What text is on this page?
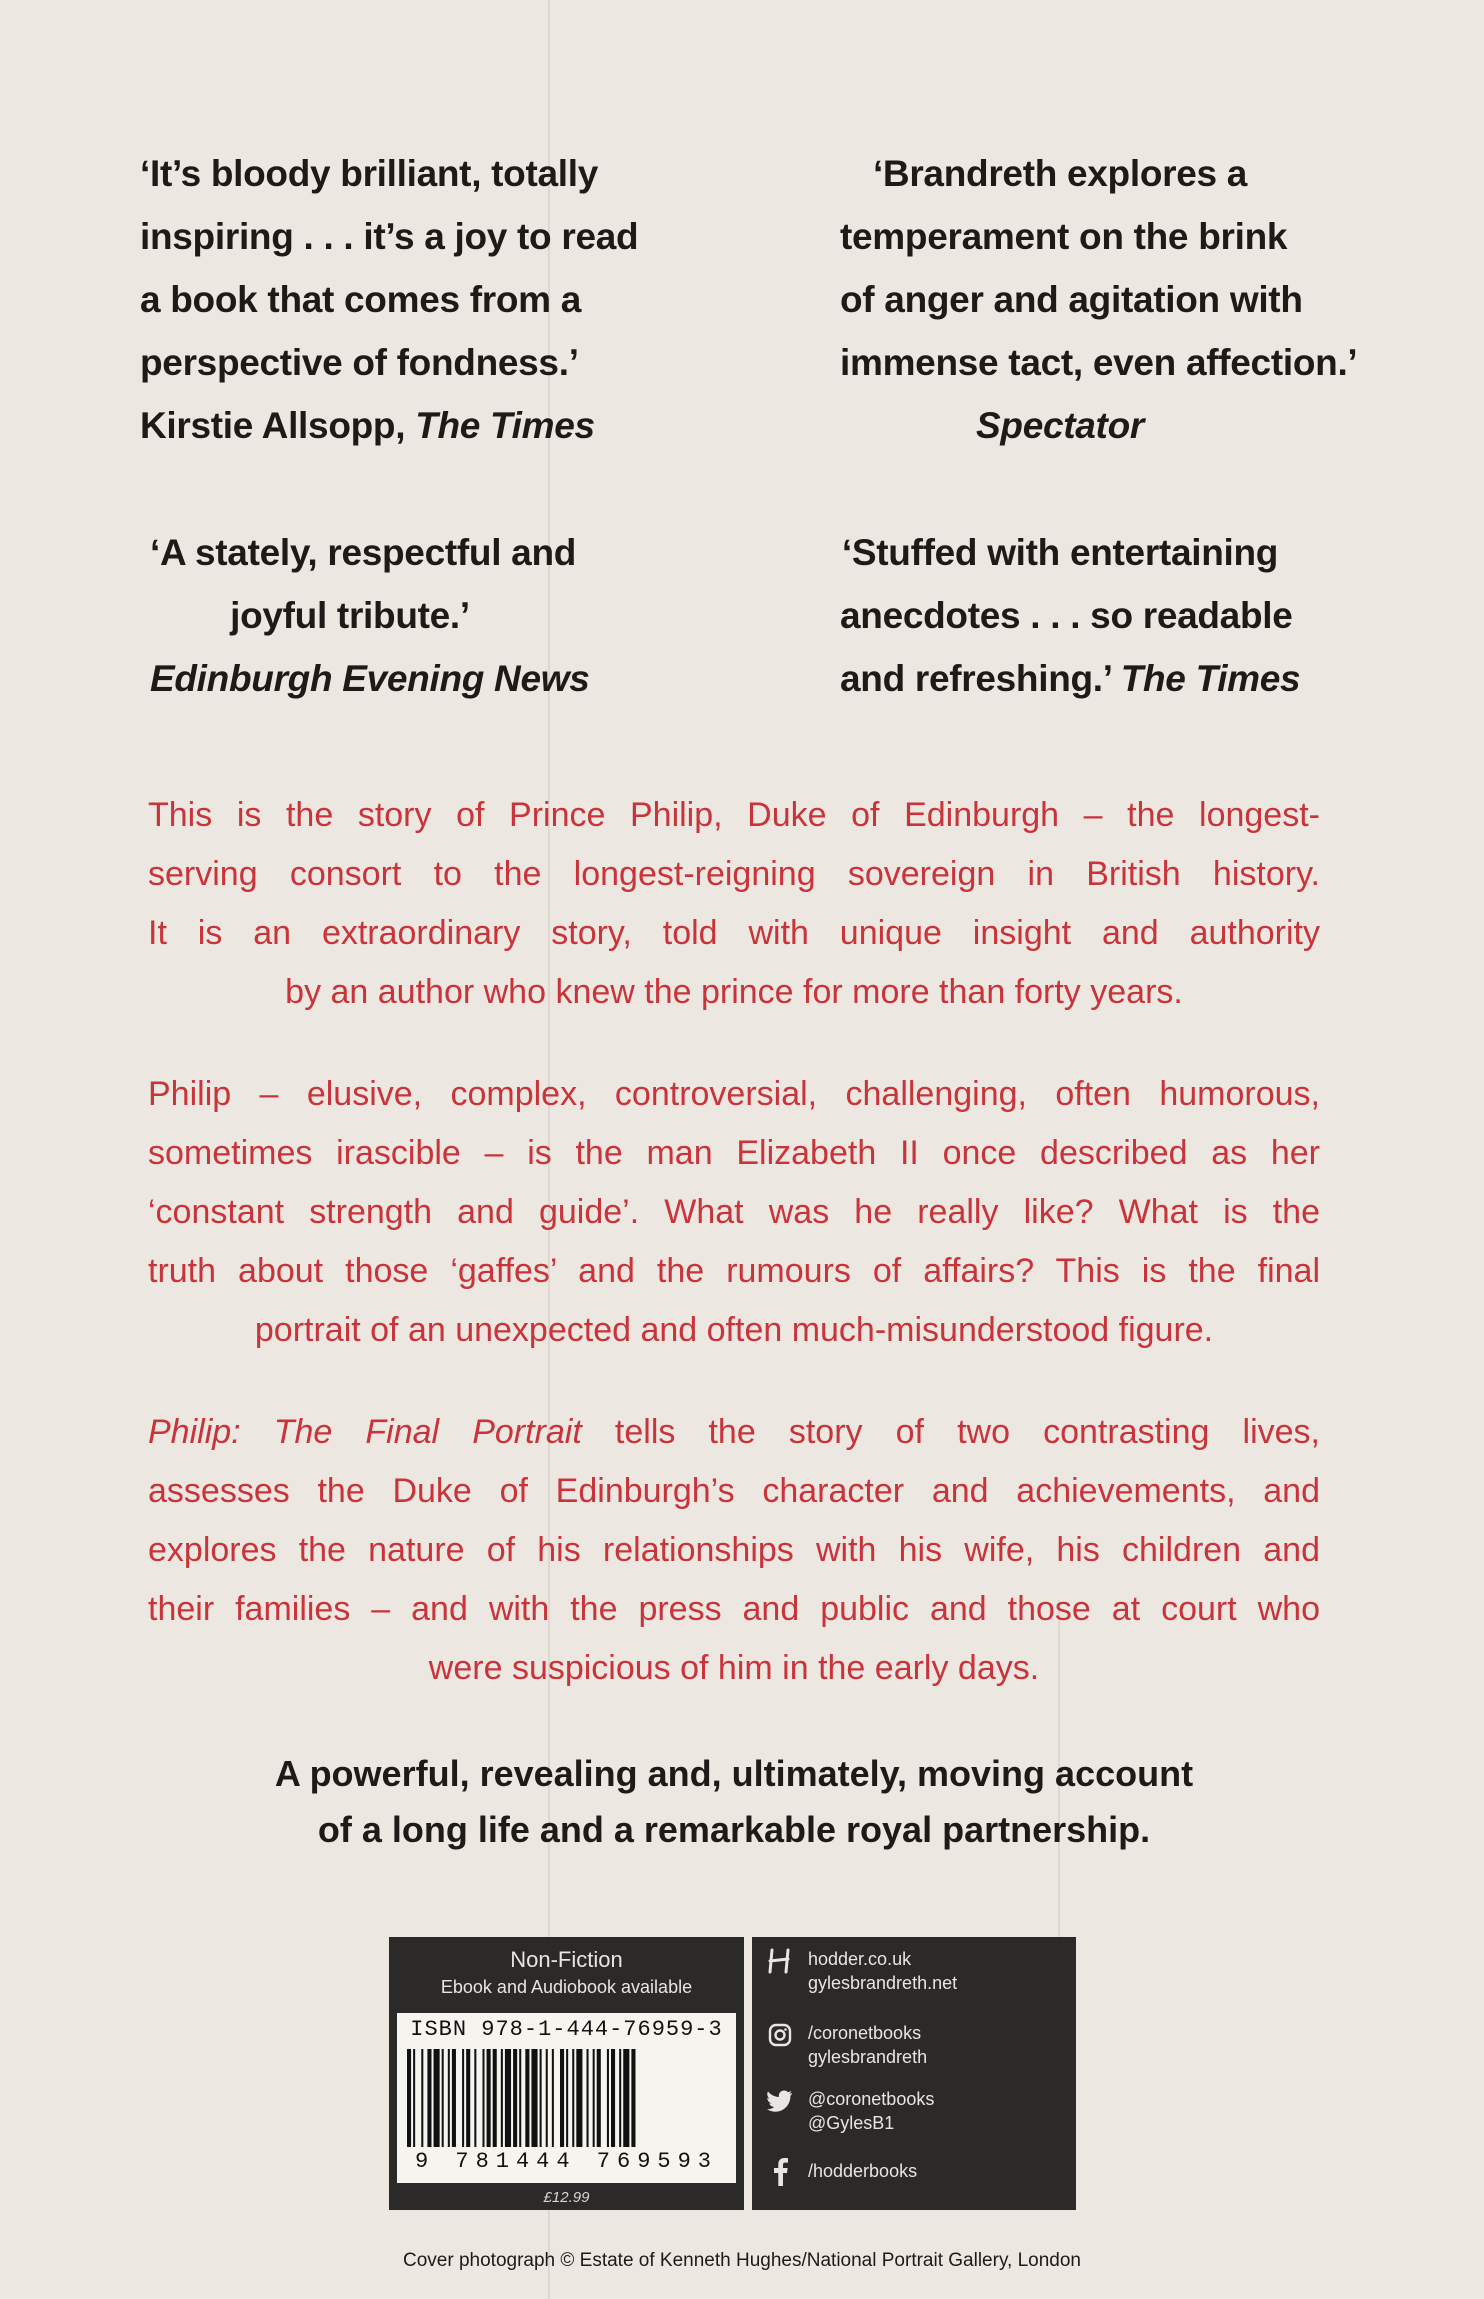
‘It’s bloody brilliant, totally
inspiring . . . it’s a joy to read
a book that comes from a
perspective of fondness.’
Kirstie Allsopp, The Times
‘Brandreth explores a
temperament on the brink
of anger and agitation with
immense tact, even affection.’
Spectator
‘A stately, respectful and
joyful tribute.’
Edinburgh Evening News
‘Stuffed with entertaining
anecdotes . . . so readable
and refreshing.’ The Times
This is the story of Prince Philip, Duke of Edinburgh – the longest-
serving consort to the longest-reigning sovereign in British history.
It is an extraordinary story, told with unique insight and authority
by an author who knew the prince for more than forty years.
Philip – elusive, complex, controversial, challenging, often humorous,
sometimes irascible – is the man Elizabeth II once described as her
‘constant strength and guide’. What was he really like? What is the
truth about those ‘gaffes’ and the rumours of affairs? This is the final
portrait of an unexpected and often much-misunderstood figure.
Philip: The Final Portrait tells the story of two contrasting lives,
assesses the Duke of Edinburgh’s character and achievements, and
explores the nature of his relationships with his wife, his children and
their families – and with the press and public and those at court who
were suspicious of him in the early days.
A powerful, revealing and, ultimately, moving account
of a long life and a remarkable royal partnership.
Non-Fiction
Ebook and Audiobook available
ISBN 978-1-444-76959-3
9 781444 769593
£12.99
hodder.co.uk
gylesbrandreth.net
/coronetbooks
gylesbrandreth
@coronetbooks
@GylesB1
/hodderbooks
Cover photograph © Estate of Kenneth Hughes/National Portrait Gallery, London
